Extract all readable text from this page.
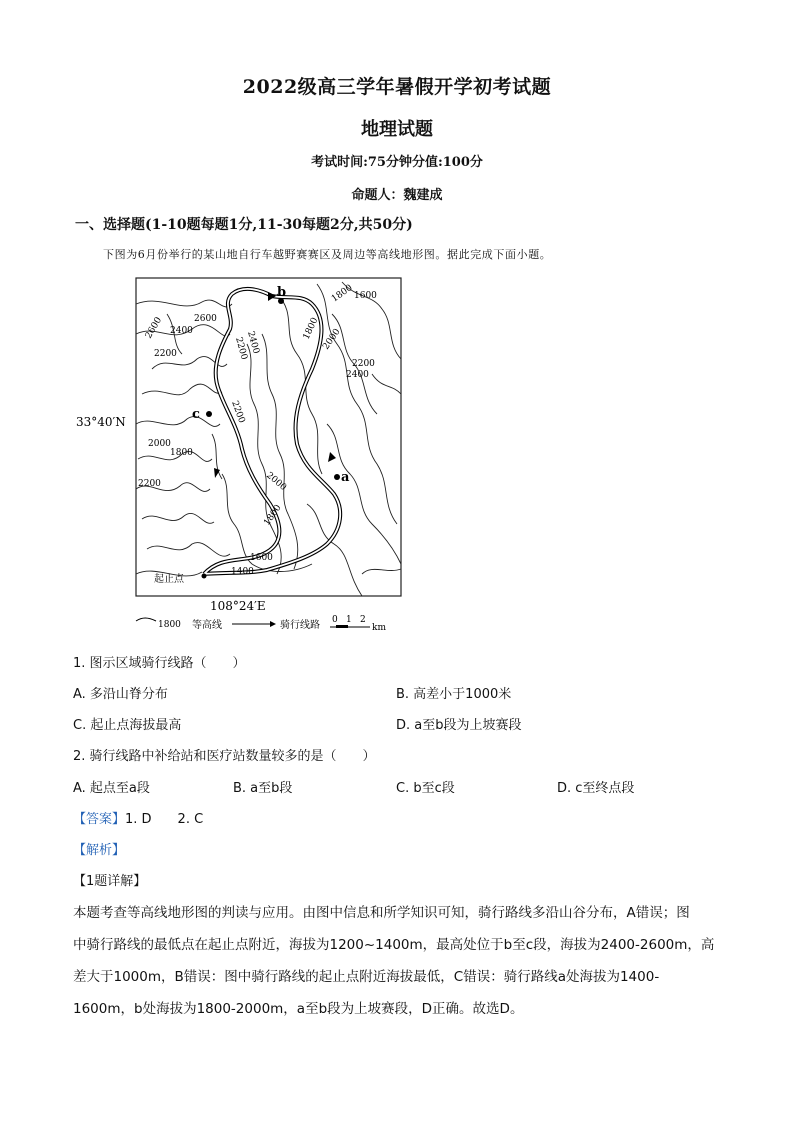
2022级高三学年暑假开学初考试题
地理试题
考试时间:75分钟分值:100分
命题人：魏建成
一、选择题(1-10题每题1分,11-30每题2分,共50分)
下图为6月份举行的某山地自行车越野赛赛区及周边等高线地形图。据此完成下面小题。
b
c
a
起止点
33°40′N
108°24′E
1600
1800
2600
2600 2400
2200	2400
2200
1800 2000
2200
2400
2200
2000
1800
2200	2000
1800
1600
1400
1800 等高线	骑行线路 0 1 2
km
1. 图示区域骑行线路（　　）
A. 多沿山脊分布	B. 高差小于1000米
C. 起止点海拔最高	D. a至b段为上坡赛段
2. 骑行线路中补给站和医疗站数量较多的是（　　）
A. 起点至a段	B. a至b段	C. b至c段	D. c至终点段
【答案】1. D　　2. C
【解析】
【1题详解】
本题考查等高线地形图的判读与应用。由图中信息和所学知识可知，骑行路线多沿山谷分布，A错误；图
中骑行路线的最低点在起止点附近，海拔为1200~1400m，最高处位于b至c段，海拔为2400-2600m，高
差大于1000m，B错误：图中骑行路线的起止点附近海拔最低，C错误：骑行路线a处海拔为1400-
1600m，b处海拔为1800-2000m，a至b段为上坡赛段，D正确。故选D。
